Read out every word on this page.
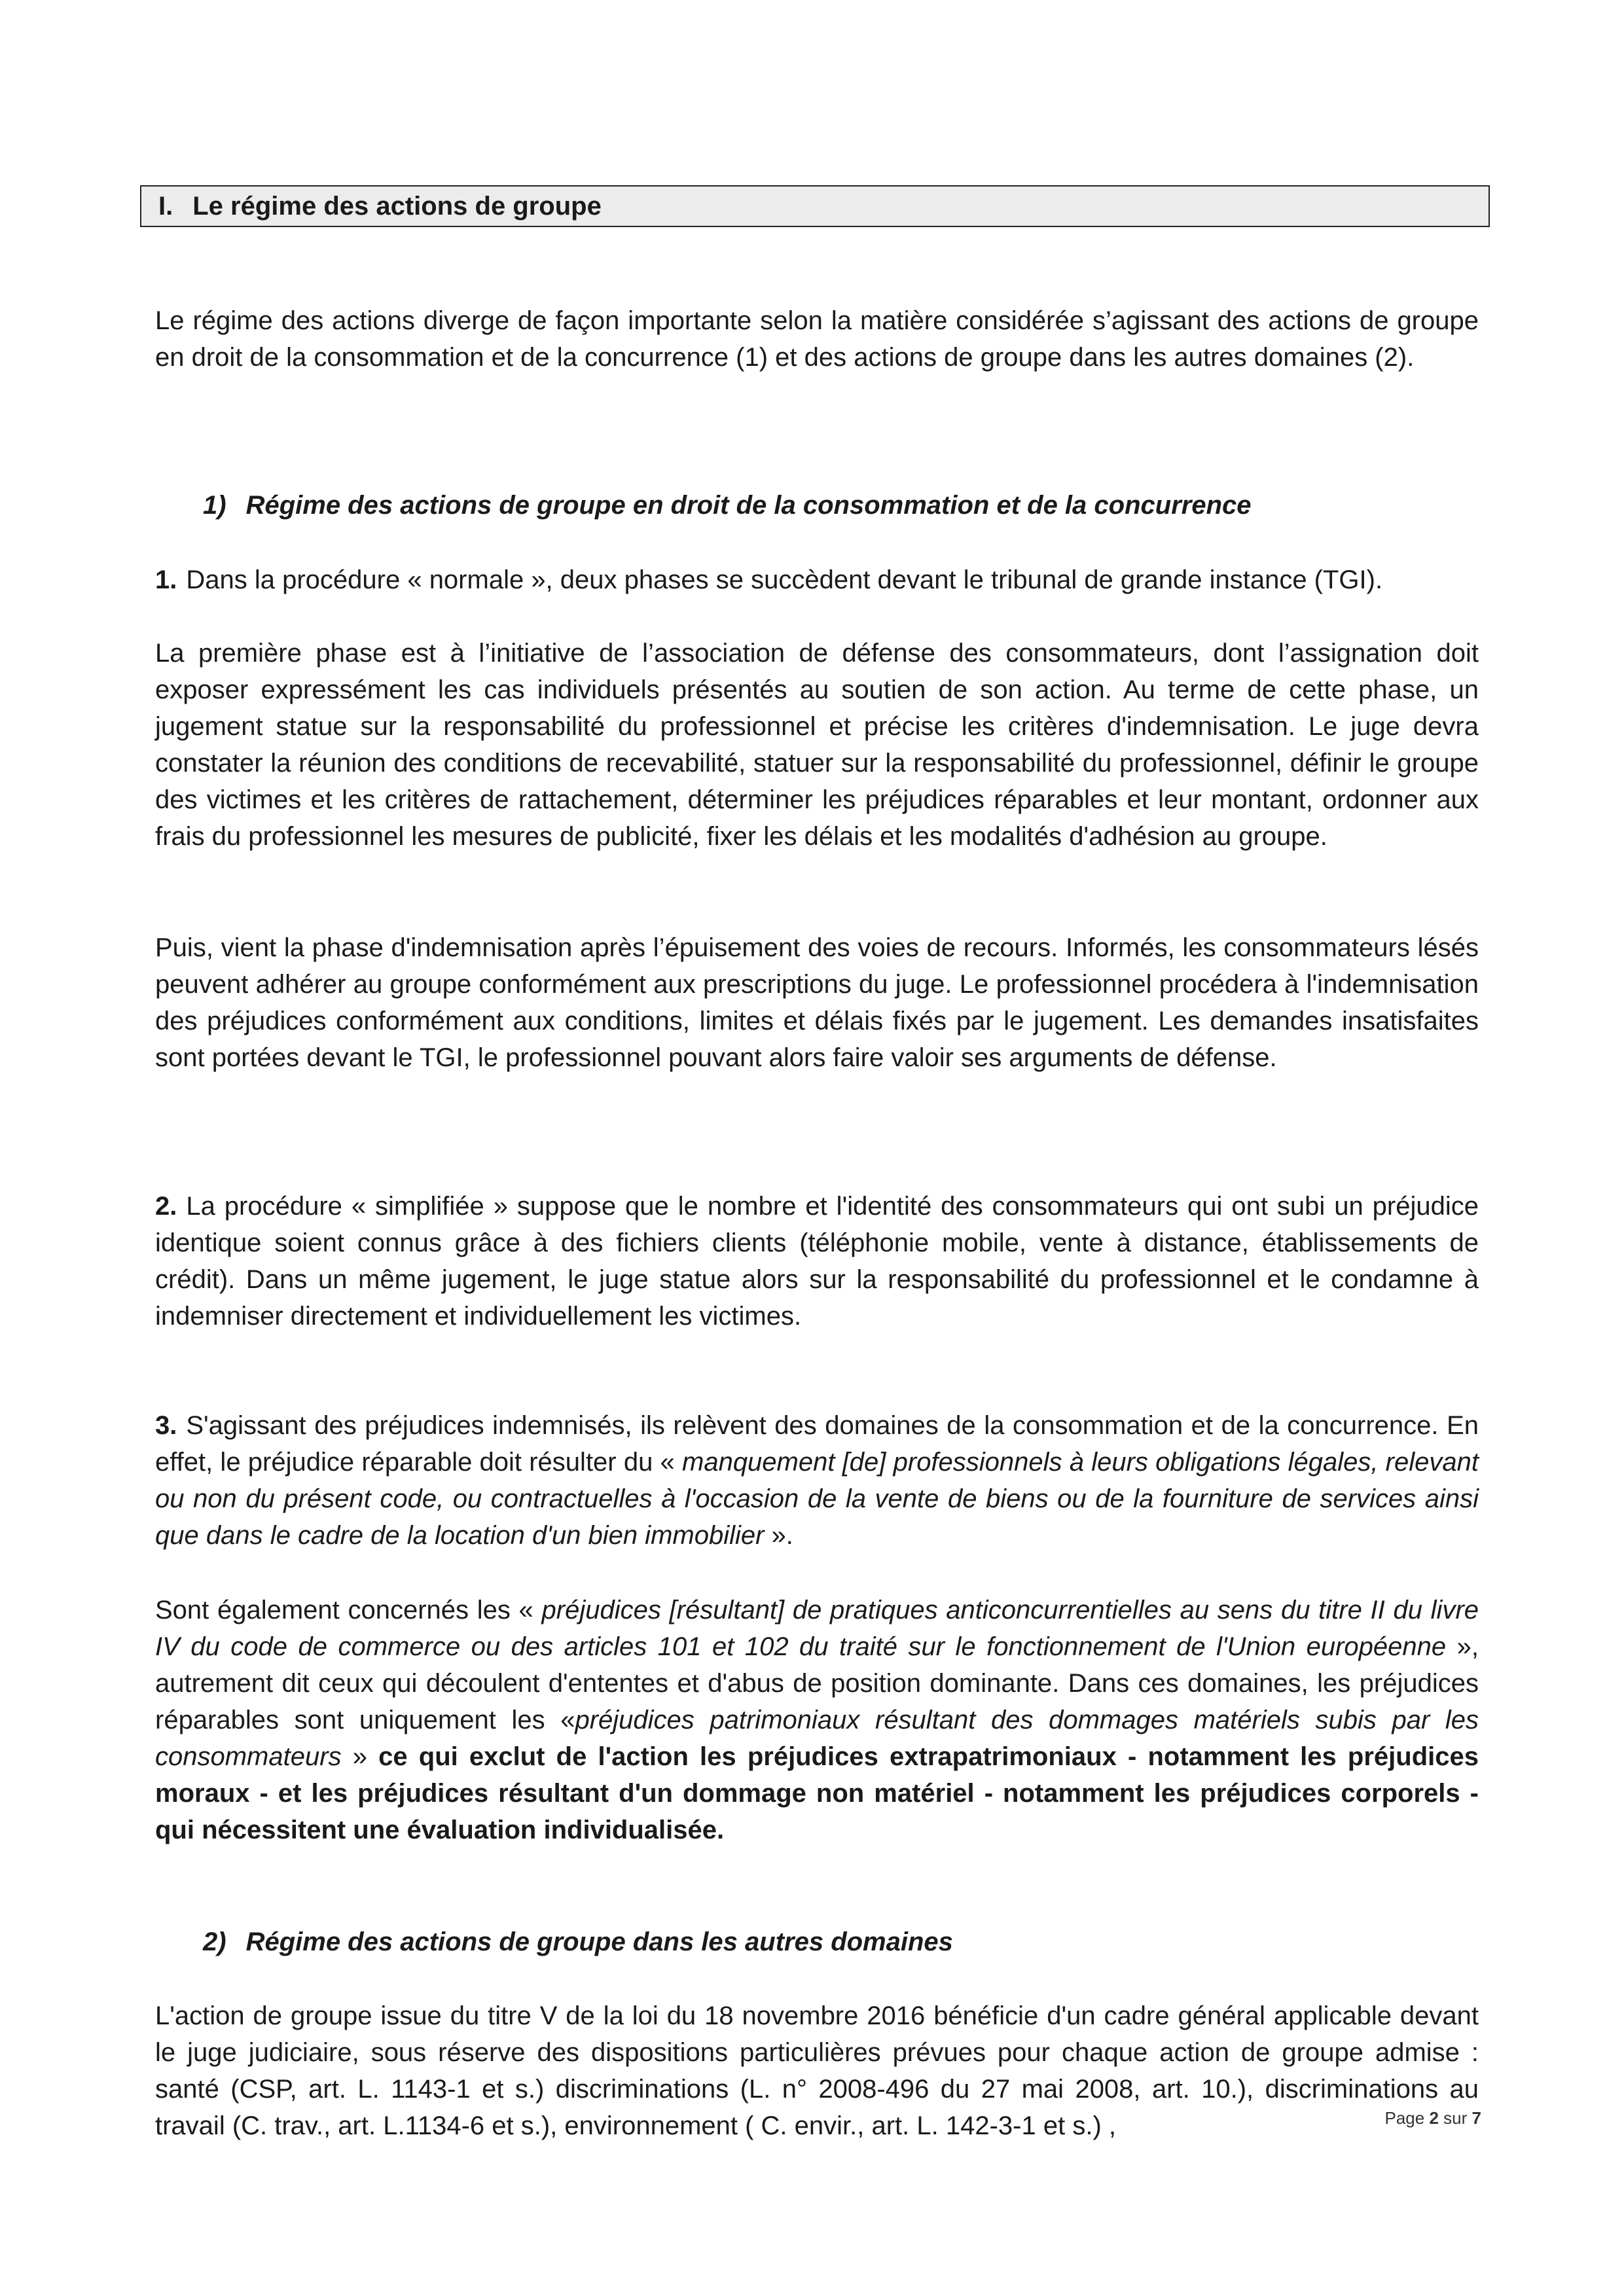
I. Le régime des actions de groupe

Le régime des actions diverge de façon importante selon la matière considérée s’agissant des actions de groupe en droit de la consommation et de la concurrence (1) et des actions de groupe dans les autres domaines (2).

1) Régime des actions de groupe en droit de la consommation et de la concurrence

1. Dans la procédure « normale », deux phases se succèdent devant le tribunal de grande instance (TGI).

La première phase est à l’initiative de l’association de défense des consommateurs, dont l’assignation doit exposer expressément les cas individuels présentés au soutien de son action. Au terme de cette phase, un jugement statue sur la responsabilité du professionnel et précise les critères d'indemnisation. Le juge devra constater la réunion des conditions de recevabilité, statuer sur la responsabilité du professionnel, définir le groupe des victimes et les critères de rattachement, déterminer les préjudices réparables et leur montant, ordonner aux frais du professionnel les mesures de publicité, fixer les délais et les modalités d'adhésion au groupe.

Puis, vient la phase d'indemnisation après l’épuisement des voies de recours. Informés, les consommateurs lésés peuvent adhérer au groupe conformément aux prescriptions du juge. Le professionnel procédera à l'indemnisation des préjudices conformément aux conditions, limites et délais fixés par le jugement. Les demandes insatisfaites sont portées devant le TGI, le professionnel pouvant alors faire valoir ses arguments de défense.

2. La procédure « simplifiée » suppose que le nombre et l'identité des consommateurs qui ont subi un préjudice identique soient connus grâce à des fichiers clients (téléphonie mobile, vente à distance, établissements de crédit). Dans un même jugement, le juge statue alors sur la responsabilité du professionnel et le condamne à indemniser directement et individuellement les victimes.

3. S'agissant des préjudices indemnisés, ils relèvent des domaines de la consommation et de la concurrence. En effet, le préjudice réparable doit résulter du « manquement [de] professionnels à leurs obligations légales, relevant ou non du présent code, ou contractuelles à l'occasion de la vente de biens ou de la fourniture de services ainsi que dans le cadre de la location d'un bien immobilier ».

Sont également concernés les « préjudices [résultant] de pratiques anticoncurrentielles au sens du titre II du livre IV du code de commerce ou des articles 101 et 102 du traité sur le fonctionnement de l'Union européenne », autrement dit ceux qui découlent d'ententes et d'abus de position dominante. Dans ces domaines, les préjudices réparables sont uniquement les «préjudices patrimoniaux résultant des dommages matériels subis par les consommateurs » ce qui exclut de l'action les préjudices extrapatrimoniaux - notamment les préjudices moraux - et les préjudices résultant d'un dommage non matériel - notamment les préjudices corporels - qui nécessitent une évaluation individualisée.

2) Régime des actions de groupe dans les autres domaines

L'action de groupe issue du titre V de la loi du 18 novembre 2016 bénéficie d'un cadre général applicable devant le juge judiciaire, sous réserve des dispositions particulières prévues pour chaque action de groupe admise : santé (CSP, art. L. 1143-1 et s.) discriminations (L. n° 2008-496 du 27 mai 2008, art. 10.), discriminations au travail (C. trav., art. L.1134-6 et s.), environnement ( C. envir., art. L. 142-3-1 et s.) ,	Page 2 sur 7
